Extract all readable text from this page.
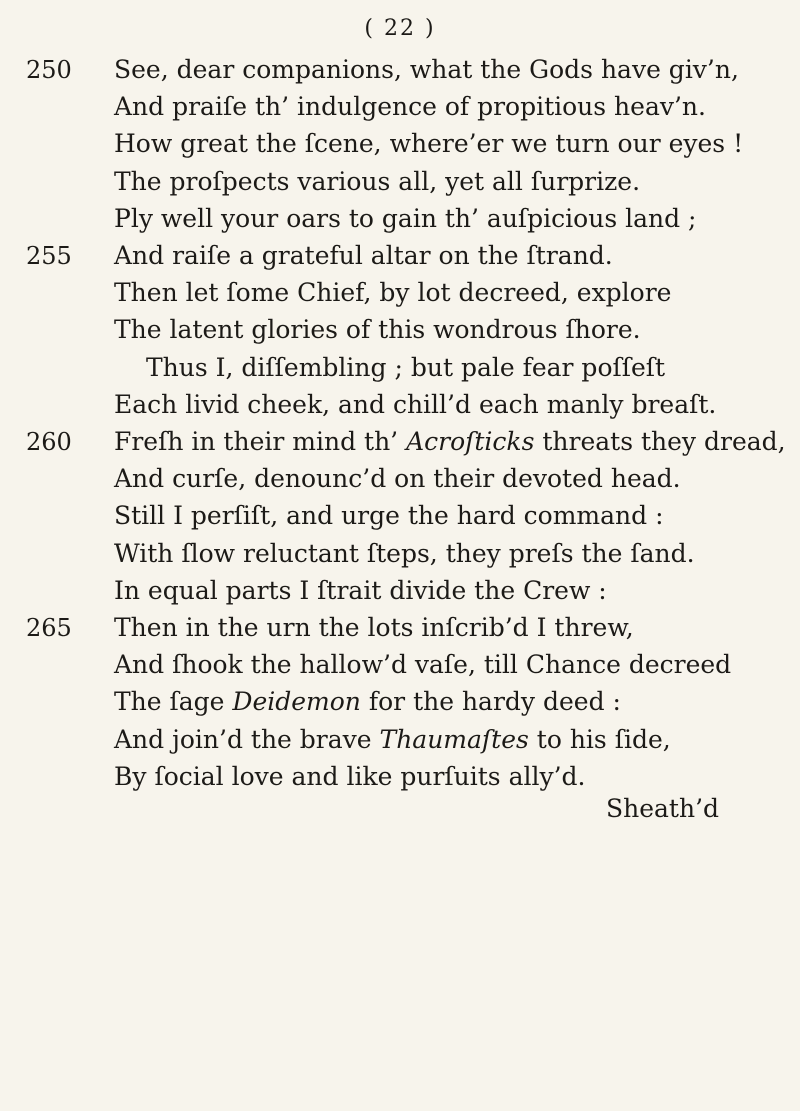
( 22 )
250 See, dear companions, what the Gods have giv’n,
And praiſe th’ indulgence of propitious heav’n.
How great the ſcene, where’er we turn our eyes !
The proſpects various all, yet all ſurprize.
Ply well your oars to gain th’ auſpicious land ;
255 And raiſe a grateful altar on the ſtrand.
Then let ſome Chief, by lot decreed, explore
The latent glories of this wondrous ſhore.
Thus I, diſſembling ; but pale fear poſſeſt
Each livid cheek, and chill’d each manly breaſt.
260 Freſh in their mind th’ Acroſticks threats they dread,
And curſe, denounc’d on their devoted head.
Still I perſiſt, and urge the hard command :
With ſlow reluctant ſteps, they preſs the ſand.
In equal parts I ſtrait divide the Crew :
265 Then in the urn the lots inſcrib’d I threw,
And ſhook the hallow’d vaſe, till Chance decreed
The ſage Deidemon for the hardy deed :
And join’d the brave Thaumaſtes to his ſide,
By ſocial love and like purſuits ally’d.
Sheath’d
